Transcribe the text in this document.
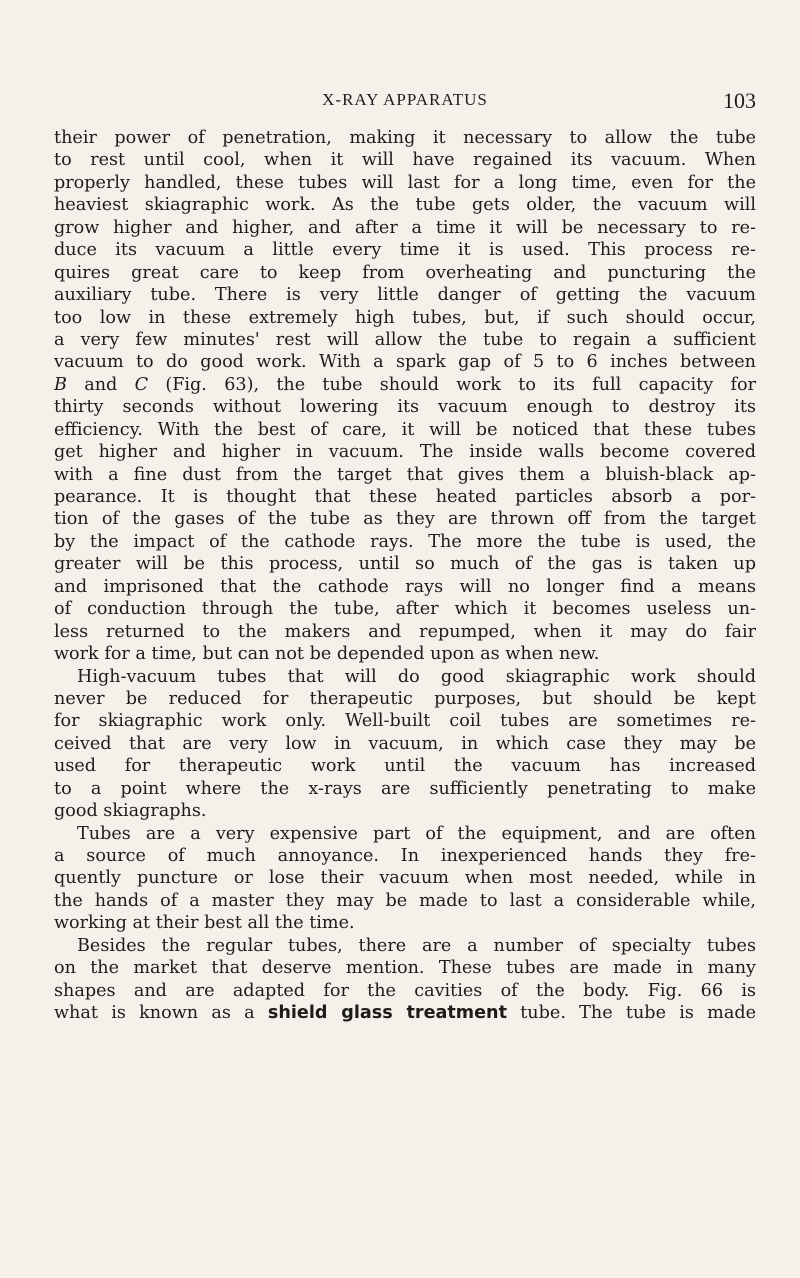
X-RAY APPARATUS	103
their power of penetration, making it necessary to allow the tube
to rest until cool, when it will have regained its vacuum. When
properly handled, these tubes will last for a long time, even for the
heaviest skiagraphic work. As the tube gets older, the vacuum will
grow higher and higher, and after a time it will be necessary to re-
duce its vacuum a little every time it is used. This process re-
quires great care to keep from overheating and puncturing the
auxiliary tube. There is very little danger of getting the vacuum
too low in these extremely high tubes, but, if such should occur,
a very few minutes' rest will allow the tube to regain a sufficient
vacuum to do good work. With a spark gap of 5 to 6 inches between
B and C (Fig. 63), the tube should work to its full capacity for
thirty seconds without lowering its vacuum enough to destroy its
efficiency. With the best of care, it will be noticed that these tubes
get higher and higher in vacuum. The inside walls become covered
with a fine dust from the target that gives them a bluish-black ap-
pearance. It is thought that these heated particles absorb a por-
tion of the gases of the tube as they are thrown off from the target
by the impact of the cathode rays. The more the tube is used, the
greater will be this process, until so much of the gas is taken up
and imprisoned that the cathode rays will no longer find a means
of conduction through the tube, after which it becomes useless un-
less returned to the makers and repumped, when it may do fair
work for a time, but can not be depended upon as when new.
High-vacuum tubes that will do good skiagraphic work should
never be reduced for therapeutic purposes, but should be kept
for skiagraphic work only. Well-built coil tubes are sometimes re-
ceived that are very low in vacuum, in which case they may be
used for therapeutic work until the vacuum has increased
to a point where the x-rays are sufficiently penetrating to make
good skiagraphs.
Tubes are a very expensive part of the equipment, and are often
a source of much annoyance. In inexperienced hands they fre-
quently puncture or lose their vacuum when most needed, while in
the hands of a master they may be made to last a considerable while,
working at their best all the time.
Besides the regular tubes, there are a number of specialty tubes
on the market that deserve mention. These tubes are made in many
shapes and are adapted for the cavities of the body. Fig. 66 is
what is known as a shield glass treatment tube. The tube is made
